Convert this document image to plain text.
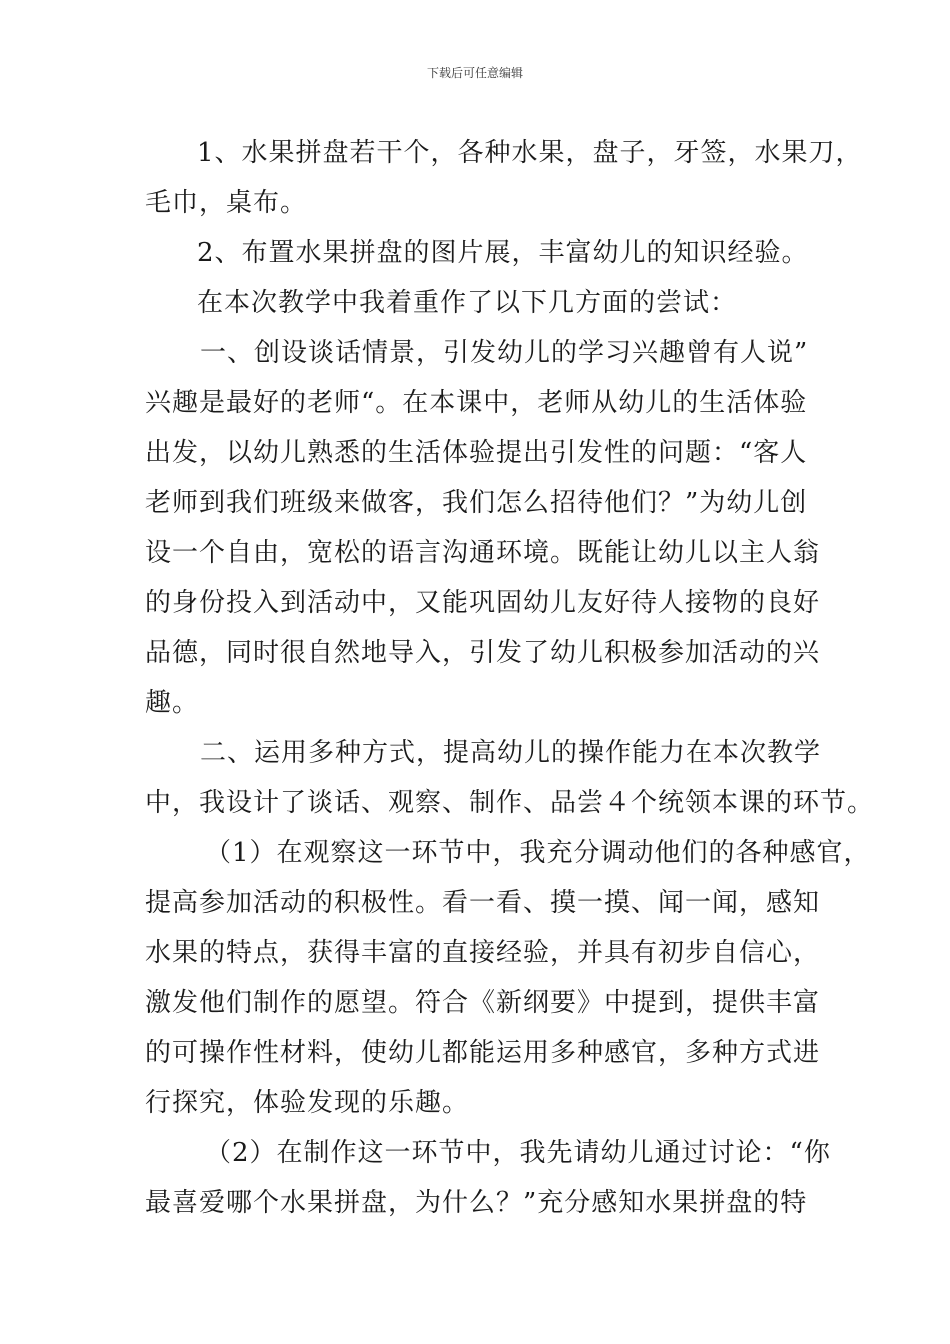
下载后可任意编辑

1、水果拼盘若干个，各种水果，盘子，牙签，水果刀，

毛巾，桌布。

2、布置水果拼盘的图片展，丰富幼儿的知识经验。

在本次教学中我着重作了以下几方面的尝试：

一、创设谈话情景，引发幼儿的学习兴趣曾有人说”

兴趣是最好的老师“。在本课中，老师从幼儿的生活体验

出发，以幼儿熟悉的生活体验提出引发性的问题：“客人

老师到我们班级来做客，我们怎么招待他们？”为幼儿创

设一个自由，宽松的语言沟通环境。既能让幼儿以主人翁

的身份投入到活动中，又能巩固幼儿友好待人接物的良好

品德，同时很自然地导入，引发了幼儿积极参加活动的兴

趣。

二、运用多种方式，提高幼儿的操作能力在本次教学

中，我设计了谈话、观察、制作、品尝４个统领本课的环节。

（1）在观察这一环节中，我充分调动他们的各种感官，

提高参加活动的积极性。看一看、摸一摸、闻一闻，感知

水果的特点，获得丰富的直接经验，并具有初步自信心，

激发他们制作的愿望。符合《新纲要》中提到，提供丰富

的可操作性材料，使幼儿都能运用多种感官，多种方式进

行探究，体验发现的乐趣。

（2）在制作这一环节中，我先请幼儿通过讨论：“你

最喜爱哪个水果拼盘，为什么？”充分感知水果拼盘的特
